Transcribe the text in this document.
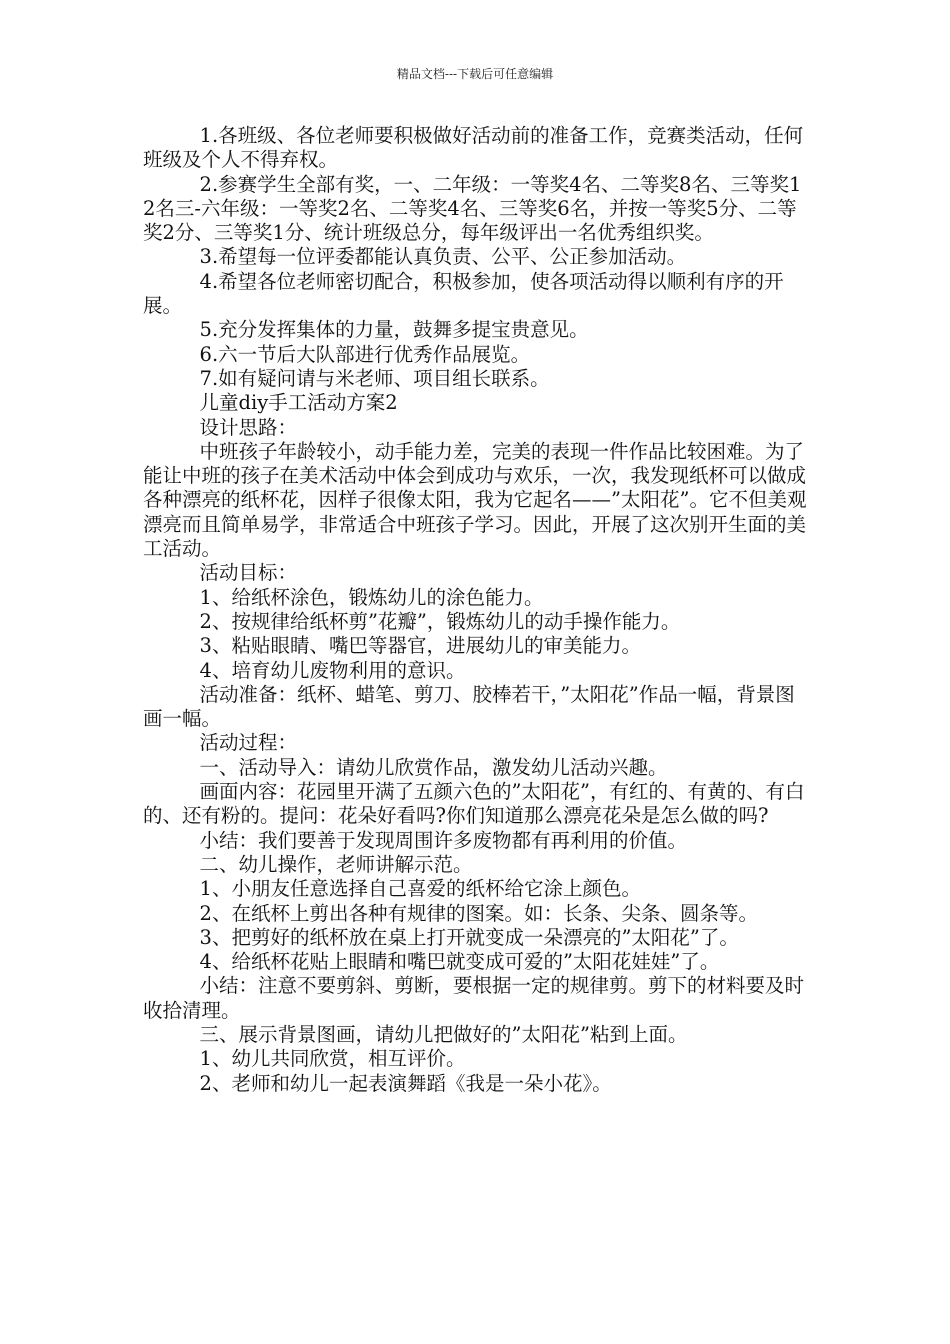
精品文档---下载后可任意编辑

1.各班级、各位老师要积极做好活动前的准备工作，竞赛类活动，任何班级及个人不得弃权。

2.参赛学生全部有奖，一、二年级：一等奖4名、二等奖8名、三等奖12名三-六年级：一等奖2名、二等奖4名、三等奖6名，并按一等奖5分、二等奖2分、三等奖1分、统计班级总分，每年级评出一名优秀组织奖。

3.希望每一位评委都能认真负责、公平、公正参加活动。

4.希望各位老师密切配合，积极参加，使各项活动得以顺利有序的开展。

5.充分发挥集体的力量，鼓舞多提宝贵意见。

6.六一节后大队部进行优秀作品展览。

7.如有疑问请与米老师、项目组长联系。

儿童diy手工活动方案2

设计思路：

中班孩子年龄较小，动手能力差，完美的表现一件作品比较困难。为了能让中班的孩子在美术活动中体会到成功与欢乐，一次，我发现纸杯可以做成各种漂亮的纸杯花，因样子很像太阳，我为它起名——”太阳花”。它不但美观漂亮而且简单易学，非常适合中班孩子学习。因此，开展了这次别开生面的美工活动。

活动目标：

1、给纸杯涂色，锻炼幼儿的涂色能力。

2、按规律给纸杯剪”花瓣”，锻炼幼儿的动手操作能力。

3、粘贴眼睛、嘴巴等器官，进展幼儿的审美能力。

4、培育幼儿废物利用的意识。

活动准备：纸杯、蜡笔、剪刀、胶棒若干，”太阳花”作品一幅，背景图画一幅。

活动过程：

一、活动导入：请幼儿欣赏作品，激发幼儿活动兴趣。

画面内容：花园里开满了五颜六色的”太阳花”，有红的、有黄的、有白的、还有粉的。提问：花朵好看吗?你们知道那么漂亮花朵是怎么做的吗?

小结：我们要善于发现周围许多废物都有再利用的价值。

二、幼儿操作，老师讲解示范。

1、小朋友任意选择自己喜爱的纸杯给它涂上颜色。

2、在纸杯上剪出各种有规律的图案。如：长条、尖条、圆条等。

3、把剪好的纸杯放在桌上打开就变成一朵漂亮的”太阳花”了。

4、给纸杯花贴上眼睛和嘴巴就变成可爱的”太阳花娃娃”了。

小结：注意不要剪斜、剪断，要根据一定的规律剪。剪下的材料要及时收拾清理。

三、展示背景图画，请幼儿把做好的”太阳花”粘到上面。

1、幼儿共同欣赏，相互评价。

2、老师和幼儿一起表演舞蹈《我是一朵小花》。
